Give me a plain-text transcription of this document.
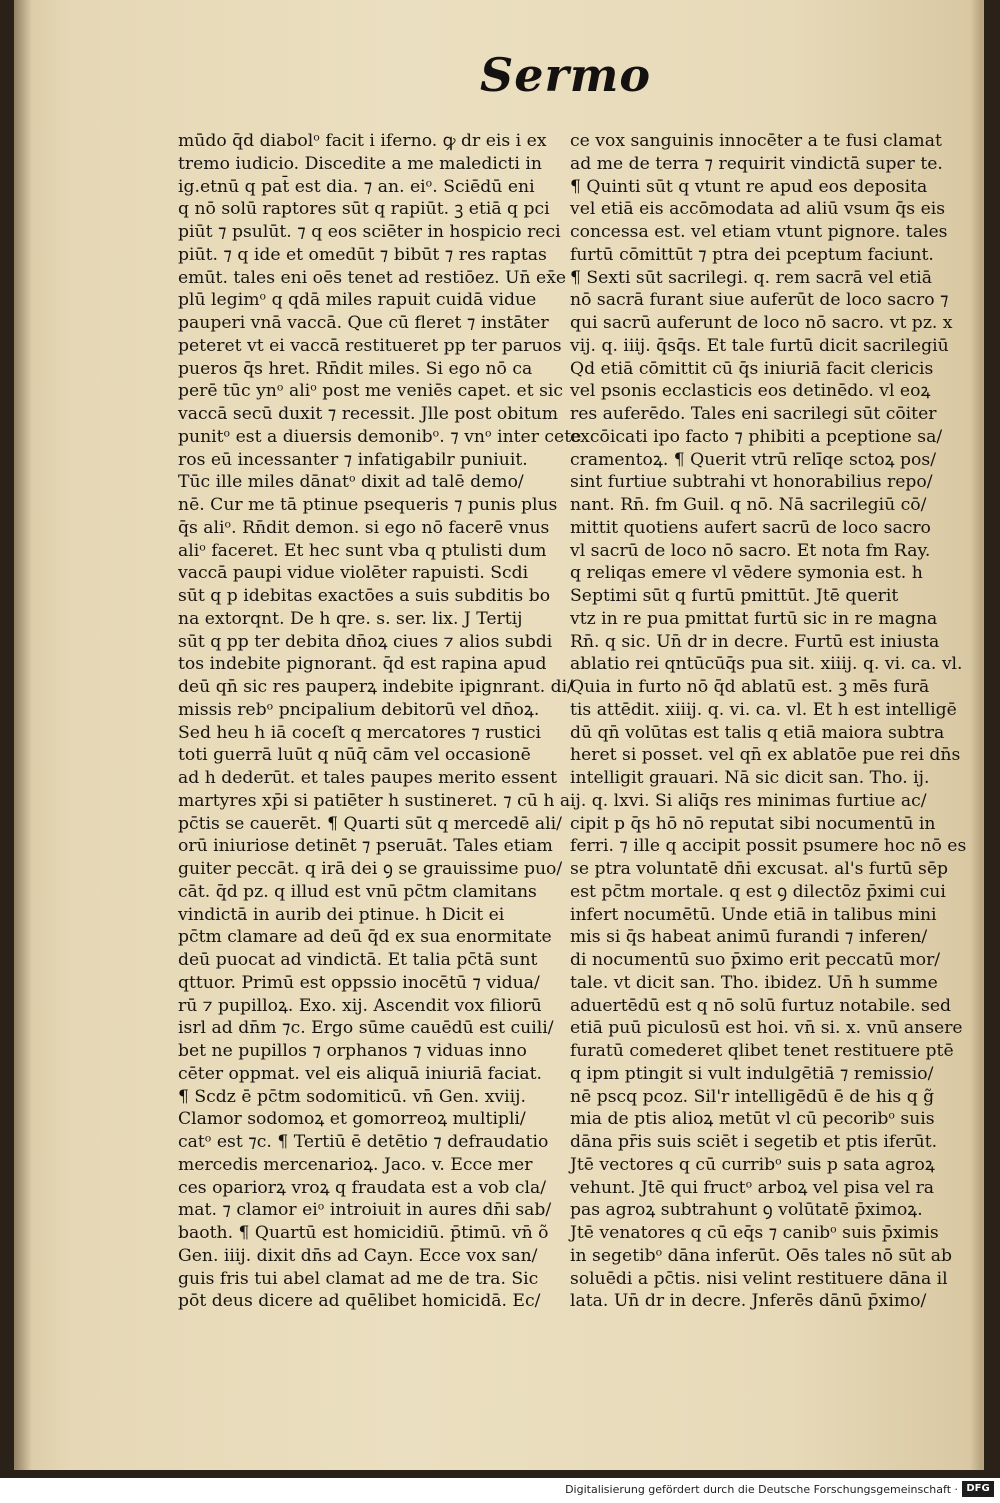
Sermo
mūdo q̄d diabolᵒ facit i iferno. ꝙ dr eis i ex
tremo iudicio. Discedite a me maledicti in
ig.etnū q pat̄ est dia. ⁊ an. eiᵒ. Sciēdū eni
q nō solū raptores sūt q rapiūt. ꝫ etiā q pci
piūt ⁊ psulūt. ⁊ q eos sciēter in hospicio reci
piūt. ⁊ q ide et omedūt ⁊ bibūt ⁊ res raptas
emūt. tales eni oēs tenet ad restiōez. Un̄ ex̄e
plū legimᵒ q qdā miles rapuit cuidā vidue
pauperi vnā vaccā. Que cū fleret ⁊ instāter
peteret vt ei vaccā restitueret pp ter paruos
pueros q̄s hret. Rn̄dit miles. Si ego nō ca
perē tūc ynᵒ aliᵒ post me veniēs capet. et sic
vaccā secū duxit ⁊ recessit. Jlle post obitum
punitᵒ est a diuersis demonibᵒ. ⁊ vnᵒ inter cete
ros eū incessanter ⁊ infatigabilr puniuit.
Tūc ille miles dānatᵒ dixit ad talē demo/
nē. Cur me tā ptinue psequeris ⁊ punis plus
q̄s aliᵒ. Rn̄dit demon. si ego nō facerē vnus
aliᵒ faceret. Et hec sunt vba q ptulisti dum
vaccā paupi vidue violēter rapuisti. Scdi
sūt q p idebitas exactōes a suis subditis bo
na extorqnt. De h qre. s. ser. lix. J Tertij
sūt q pp ter debita dn̄oꝝ ciues ⁊ alios subdi
tos indebite pignorant. q̄d est rapina apud
deū qn̄ sic res pauperꝝ indebite ipignrant. di/
missis rebᵒ pncipalium debitorū vel dn̄oꝝ.
Sed heu h iā coceſt q mercatores ⁊ rustici
toti guerrā luūt q nūq̄ cām vel occasionē
ad h dederūt. et tales paupes merito essent
martyres xp̄i si patiēter h sustineret. ⁊ cū h a
pc̄tis se cauerēt. ¶ Quarti sūt q mercedē ali/
orū iniuriose detinēt ⁊ pseruāt. Tales etiam
guiter peccāt. q irā dei ꝯ se grauissime puo/
cāt. q̄d pz. q illud est vnū pc̄tm clamitans
vindictā in aurib dei ptinue. h Dicit ei
pc̄tm clamare ad deū q̄d ex sua enormitate
deū puocat ad vindictā. Et talia pc̄tā sunt
qttuor. Primū est oppssio inocētū ⁊ vidua/
rū ⁊ pupilloꝝ. Exo. xij. Ascendit vox filiorū
isrl ad dn̄m ⁊c. Ergo sūme cauēdū est cuili/
bet ne pupillos ⁊ orphanos ⁊ viduas inno
cēter oppmat. vel eis aliquā iniuriā faciat.
¶ Scdz ē pc̄tm sodomiticū. vn̄ Gen. xviij.
Clamor sodomoꝝ et gomorreoꝝ multipli/
catᵒ est ⁊c. ¶ Tertiū ē detētio ⁊ defraudatio
mercedis mercenarioꝝ. Jaco. v. Ecce mer
ces opariorꝝ vroꝝ q fraudata est a vob cla/
mat. ⁊ clamor eiᵒ introiuit in aures dn̄i sab/
baoth. ¶ Quartū est homicidiū. p̄timū. vn̄ õ
Gen. iiij. dixit dn̄s ad Cayn. Ecce vox san/
guis fris tui abel clamat ad me de tra. Sic
pōt deus dicere ad quēlibet homicidā. Ec/
ce vox sanguinis innocēter a te fusi clamat
ad me de terra ⁊ requirit vindictā super te.
¶ Quinti sūt q vtunt re apud eos deposita
vel etiā eis accōmodata ad aliū vsum q̄s eis
concessa est. vel etiam vtunt pignore. tales
furtū cōmittūt ⁊ ptra dei pceptum faciunt.
¶ Sexti sūt sacrilegi. q. rem sacrā vel etiā
nō sacrā furant siue auferūt de loco sacro ⁊
qui sacrū auferunt de loco nō sacro. vt pz. x
vij. q. iiij. q̄sq̄s. Et tale furtū dicit sacrilegiū
Qd etiā cōmittit cū q̄s iniuriā facit clericis
vel psonis ecclasticis eos detinēdo. vl eoꝝ
res auferēdo. Tales eni sacrilegi sūt cōiter
excōicati ipo facto ⁊ phibiti a pceptione sa/
cramentoꝝ. ¶ Querit vtrū relīqe sctoꝝ pos/
sint furtiue subtrahi vt honorabilius repo/
nant. Rn̄. fm Guil. q nō. Nā sacrilegiū cō/
mittit quotiens aufert sacrū de loco sacro
vl sacrū de loco nō sacro. Et nota fm Ray.
q reliqas emere vl vēdere symonia est. h
Septimi sūt q furtū pmittūt. Jtē querit
vtz in re pua pmittat furtū sic in re magna
Rn̄. q sic. Un̄ dr in decre. Furtū est iniusta
ablatio rei qntūcūq̄s pua sit. xiiij. q. vi. ca. vl.
Quia in furto nō q̄d ablatū est. ꝫ mēs furā
tis attēdit. xiiij. q. vi. ca. vl. Et h est intelligē
dū qn̄ volūtas est talis q etiā maiora subtra
heret si posset. vel qn̄ ex ablatōe pue rei dn̄s
intelligit grauari. Nā sic dicit san. Tho. ij.
ij. q. lxvi. Si aliq̄s res minimas furtiue ac/
cipit p q̄s hō nō reputat sibi nocumentū in
ferri. ⁊ ille q accipit possit psumere hoc nō es
se ptra voluntatē dn̄i excusat. al's furtū sēp
est pc̄tm mortale. q est ꝯ dilectōz p̄ximi cui
infert nocumētū. Unde etiā in talibus mini
mis si q̄s habeat animū furandi ⁊ inferen/
di nocumentū suo p̄ximo erit peccatū mor/
tale. vt dicit san. Tho. ibidez. Un̄ h summe
aduertēdū est q nō solū furtuz notabile. sed
etiā puū piculosū est hoi. vn̄ si. x. vnū ansere
furatū comederet qlibet tenet restituere ptē
q ipm ptingit si vult indulgētiā ⁊ remissio/
nē pscq pcoz. Sil'r intelligēdū ē de his q g̃
mia de ptis alioꝝ metūt vl cū pecoribᵒ suis
dāna pr̄is suis sciēt i segetib et ptis iferūt.
Jtē vectores q cū curribᵒ suis p sata agroꝝ
vehunt. Jtē qui fructᵒ arboꝝ vel pisa vel ra
pas agroꝝ subtrahunt ꝯ volūtatē p̄ximoꝝ.
Jtē venatores q cū eq̄s ⁊ canibᵒ suis p̄ximis
in segetibᵒ dāna inferūt. Oēs tales nō sūt ab
soluēdi a pc̄tis. nisi velint restituere dāna il
lata. Un̄ dr in decre. Jnferēs dānū p̄ximo/
Digitalisierung gefördert durch die Deutsche Forschungsgemeinschaft · DFG
